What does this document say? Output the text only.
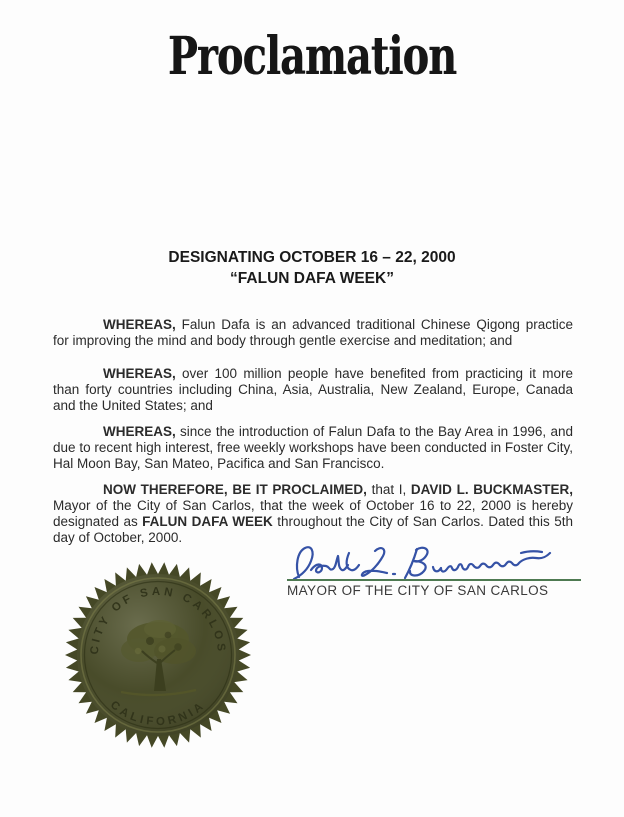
Proclamation
DESIGNATING OCTOBER 16 – 22, 2000
“FALUN DAFA WEEK”

WHEREAS, Falun Dafa is an advanced traditional Chinese Qigong practice for improving the mind and body through gentle exercise and meditation; and

WHEREAS, over 100 million people have benefited from practicing it more than forty countries including China, Asia, Australia, New Zealand, Europe, Canada and the United States; and

WHEREAS, since the introduction of Falun Dafa to the Bay Area in 1996, and due to recent high interest, free weekly workshops have been conducted in Foster City, Hal Moon Bay, San Mateo, Pacifica and San Francisco.

NOW THEREFORE, BE IT PROCLAIMED, that I, DAVID L. BUCKMASTER, Mayor of the City of San Carlos, that the week of October 16 to 22, 2000 is hereby designated as FALUN DAFA WEEK throughout the City of San Carlos. Dated this 5th day of October, 2000.

MAYOR OF THE CITY OF SAN CARLOS
CITY OF SAN CARLOS
CALIFORNIA
